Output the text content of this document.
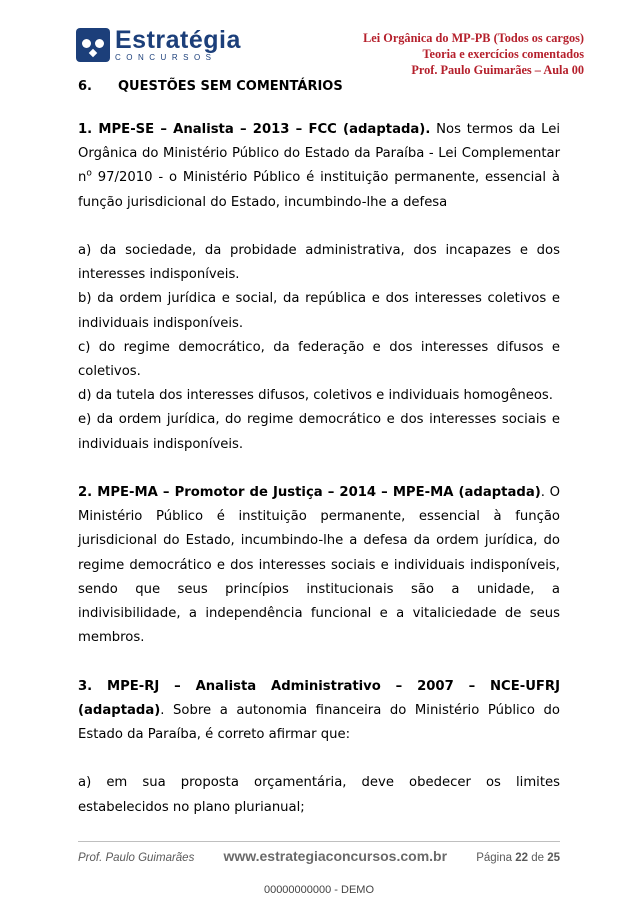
Estratégia
CONCURSOS
Lei Orgânica do MP-PB (Todos os cargos)
Teoria e exercícios comentados
Prof. Paulo Guimarães – Aula 00
6. QUESTÕES SEM COMENTÁRIOS

1. MPE-SE – Analista – 2013 – FCC (adaptada). Nos termos da Lei Orgânica do Ministério Público do Estado da Paraíba - Lei Complementar $n^o$ 97/2010 - o Ministério Público é instituição permanente, essencial à função jurisdicional do Estado, incumbindo-lhe a defesa

a) da sociedade, da probidade administrativa, dos incapazes e dos interesses indisponíveis.

b) da ordem jurídica e social, da república e dos interesses coletivos e individuais indisponíveis.

c) do regime democrático, da federação e dos interesses difusos e coletivos.

d) da tutela dos interesses difusos, coletivos e individuais homogêneos.

e) da ordem jurídica, do regime democrático e dos interesses sociais e individuais indisponíveis.

2. MPE-MA – Promotor de Justiça – 2014 – MPE-MA (adaptada). O Ministério Público é instituição permanente, essencial à função jurisdicional do Estado, incumbindo-lhe a defesa da ordem jurídica, do regime democrático e dos interesses sociais e individuais indisponíveis, sendo que seus princípios institucionais são a unidade, a indivisibilidade, a independência funcional e a vitaliciedade de seus membros.

3. MPE-RJ – Analista Administrativo – 2007 – NCE-UFRJ (adaptada). Sobre a autonomia financeira do Ministério Público do Estado da Paraíba, é correto afirmar que:

a) em sua proposta orçamentária, deve obedecer os limites estabelecidos no plano plurianual;

Prof. Paulo Guimarães www.estrategiaconcursos.com.br	Página 22 de 25
00000000000 - DEMO
